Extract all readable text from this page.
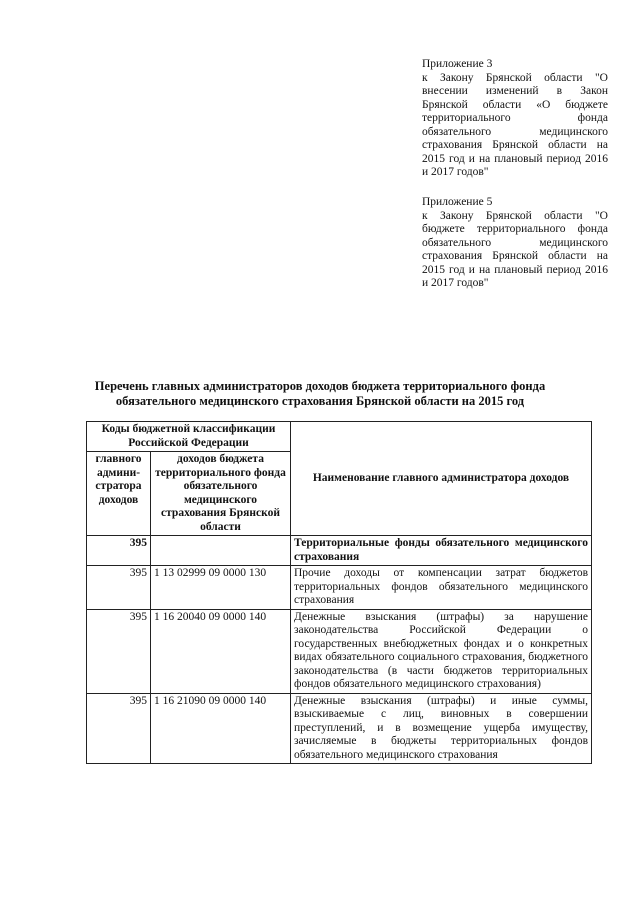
Приложение 3
к Закону Брянской области "О внесении изменений в Закон Брянской области «О бюджете территориального фонда обязательного медицинского страхования Брянской области на 2015 год и на плановый период 2016 и 2017 годов"
Приложение 5
к Закону Брянской области "О бюджете территориального фонда обязательного медицинского страхования Брянской области на 2015 год и на плановый период 2016 и 2017 годов"
Перечень главных администраторов доходов бюджета территориального фонда обязательного медицинского страхования Брянской области на 2015 год
Коды бюджетной классификации Российской Федерации		Наименование главного администратора доходов
главного админи-стратора доходов	доходов бюджета территориального фонда обязательного медицинского страхования Брянской области	
395		Территориальные фонды обязательного медицинского страхования
395	1 13 02999 09 0000 130	Прочие доходы от компенсации затрат бюджетов территориальных фондов обязательного медицинского страхования
395	1 16 20040 09 0000 140	Денежные взыскания (штрафы) за нарушение законодательства Российской Федерации о государственных внебюджетных фондах и о конкретных видах обязательного социального страхования, бюджетного законодательства (в части бюджетов территориальных фондов обязательного медицинского страхования)
395	1 16 21090 09 0000 140	Денежные взыскания (штрафы) и иные суммы, взыскиваемые с лиц, виновных в совершении преступлений, и в возмещение ущерба имуществу, зачисляемые в бюджеты территориальных фондов обязательного медицинского страхования
